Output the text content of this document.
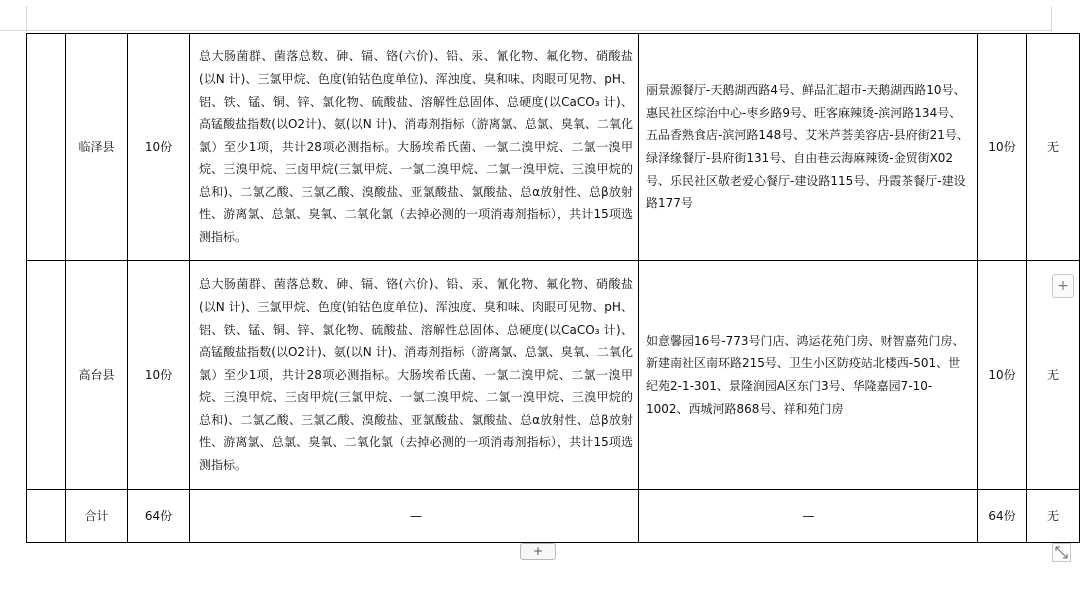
	临泽县	10份	总大肠菌群、菌落总数、砷、镉、铬(六价)、铅、汞、氰化物、氟化物、硝酸盐(以N 计)、三氯甲烷、色度(铂钴色度单位)、浑浊度、臭和味、肉眼可见物、pH、铝、铁、锰、铜、锌、氯化物、硫酸盐、溶解性总固体、总硬度(以CaCO₃ 计)、高锰酸盐指数(以O2计)、氨(以N 计)、消毒剂指标（游离氯、总氯、臭氧、二氧化氯）至少1项，共计28项必测指标。大肠埃希氏菌、一氯二溴甲烷、二氯一溴甲烷、三溴甲烷、三卤甲烷(三氯甲烷、一氯二溴甲烷、二氯一溴甲烷、三溴甲烷的总和)、二氯乙酸、三氯乙酸、溴酸盐、亚氯酸盐、氯酸盐、总α放射性、总β放射性、游离氯、总氯、臭氧、二氧化氯（去掉必测的一项消毒剂指标），共计15项选测指标。	丽景源餐厅-天鹅湖西路4号、鲜品汇超市-天鹅湖西路10号、惠民社区综治中心-枣乡路9号、旺客麻辣烫-滨河路134号、五品香熟食店-滨河路148号、艾米芦荟美容店-县府街21号、绿泽缘餐厅-县府街131号、自由巷云海麻辣烫-金贸街X02号、乐民社区敬老爱心餐厅-建设路115号、丹霞茶餐厅-建设路177号	10份	无
	高台县	10份	总大肠菌群、菌落总数、砷、镉、铬(六价)、铅、汞、氰化物、氟化物、硝酸盐(以N 计)、三氯甲烷、色度(铂钴色度单位)、浑浊度、臭和味、肉眼可见物、pH、铝、铁、锰、铜、锌、氯化物、硫酸盐、溶解性总固体、总硬度(以CaCO₃ 计)、高锰酸盐指数(以O2计)、氨(以N 计)、消毒剂指标（游离氯、总氯、臭氧、二氧化氯）至少1项，共计28项必测指标。大肠埃希氏菌、一氯二溴甲烷、二氯一溴甲烷、三溴甲烷、三卤甲烷(三氯甲烷、一氯二溴甲烷、二氯一溴甲烷、三溴甲烷的总和)、二氯乙酸、三氯乙酸、溴酸盐、亚氯酸盐、氯酸盐、总α放射性、总β放射性、游离氯、总氯、臭氧、二氧化氯（去掉必测的一项消毒剂指标），共计15项选测指标。	如意馨园16号-773号门店、鸿运花苑门房、财智嘉苑门房、新建南社区南环路215号、卫生小区防疫站北楼西-501、世纪苑2-1-301、景隆润园A区东门3号、华隆嘉园7-10-1002、西城河路868号、祥和苑门房	10份	无
	合计	64份	—	—	64份	无
+
+
